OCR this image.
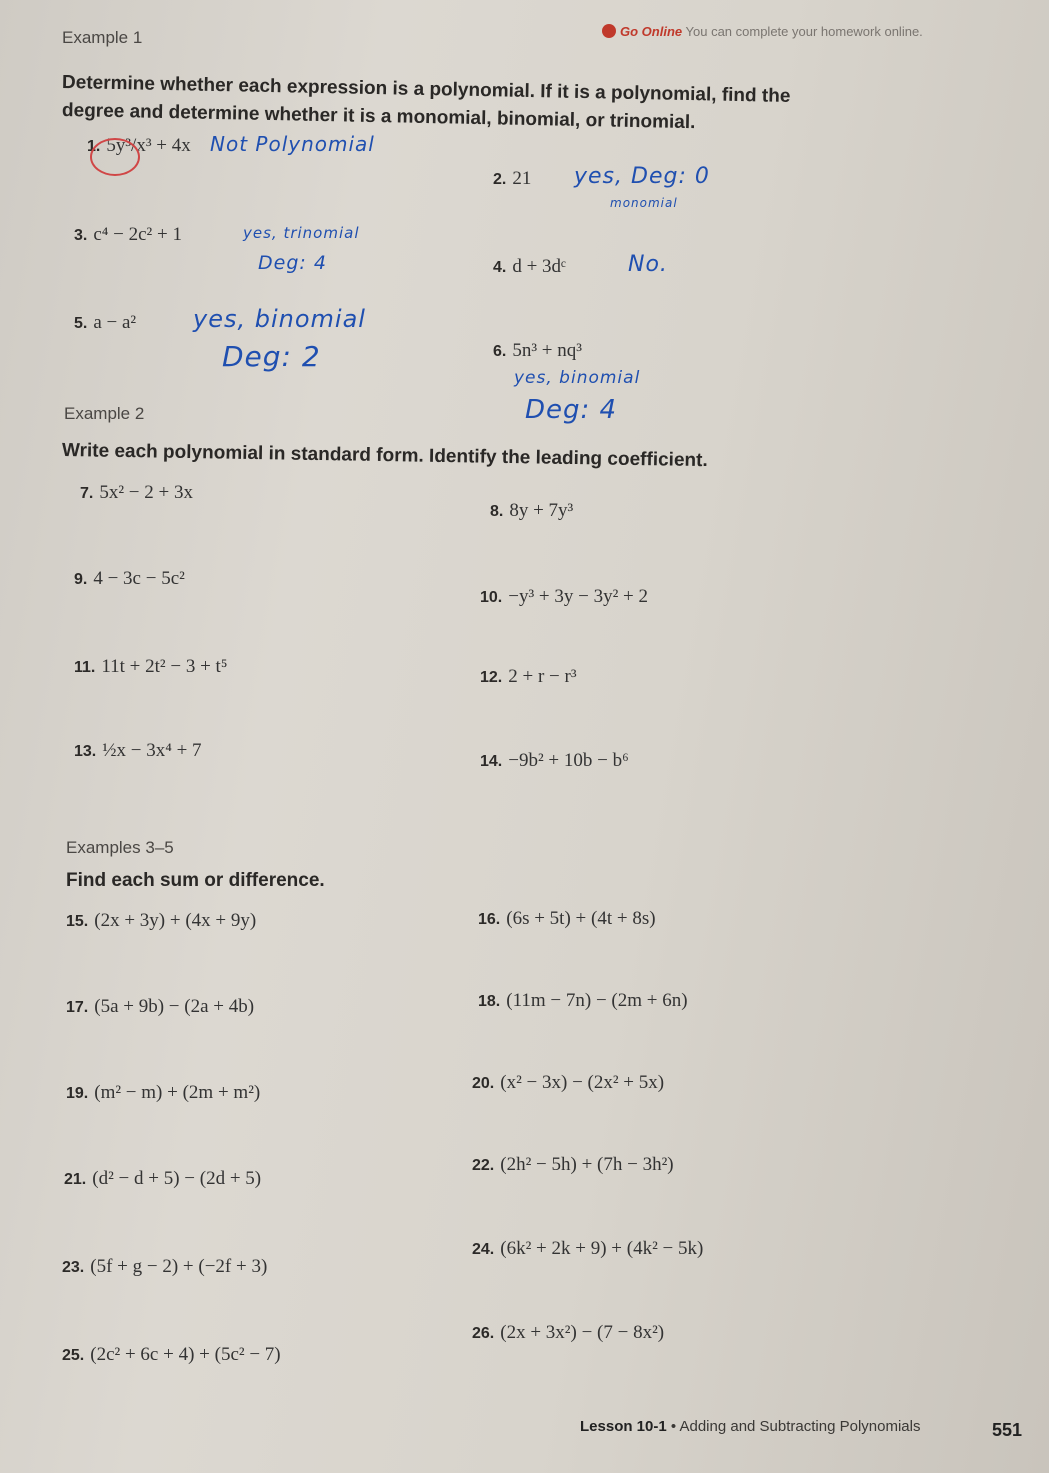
Example 1	Go Online You can complete your homework online.
Determine whether each expression is a polynomial. If it is a polynomial, find the
degree and determine whether it is a monomial, binomial, or trinomial.
1. 5y³/x³ + 4x Not Polynomial
2. 21 yes, Deg: 0
monomial
3. c⁴ − 2c² + 1	yes, trinomial
Deg: 4	4. d + 3dᶜ	No.
5. a − a² yes, binomial
Deg: 2	6. 5n³ + nq³
yes, binomial
Deg: 4
Example 2
Write each polynomial in standard form. Identify the leading coefficient.
7. 5x² − 2 + 3x
8. 8y + 7y³
9. 4 − 3c − 5c²
10. −y³ + 3y − 3y² + 2
11. 11t + 2t² − 3 + t⁵
12. 2 + r − r³
13. ½x − 3x⁴ + 7
14. −9b² + 10b − b⁶
Examples 3–5
Find each sum or difference.
15. (2x + 3y) + (4x + 9y)	16. (6s + 5t) + (4t + 8s)
17. (5a + 9b) − (2a + 4b)	18. (11m − 7n) − (2m + 6n)
19. (m² − m) + (2m + m²)	20. (x² − 3x) − (2x² + 5x)
21. (d² − d + 5) − (2d + 5)
22. (2h² − 5h) + (7h − 3h²)
23. (5f + g − 2) + (−2f + 3)
24. (6k² + 2k + 9) + (4k² − 5k)
25. (2c² + 6c + 4) + (5c² − 7)
26. (2x + 3x²) − (7 − 8x²)
Lesson 10-1 • Adding and Subtracting Polynomials	551
